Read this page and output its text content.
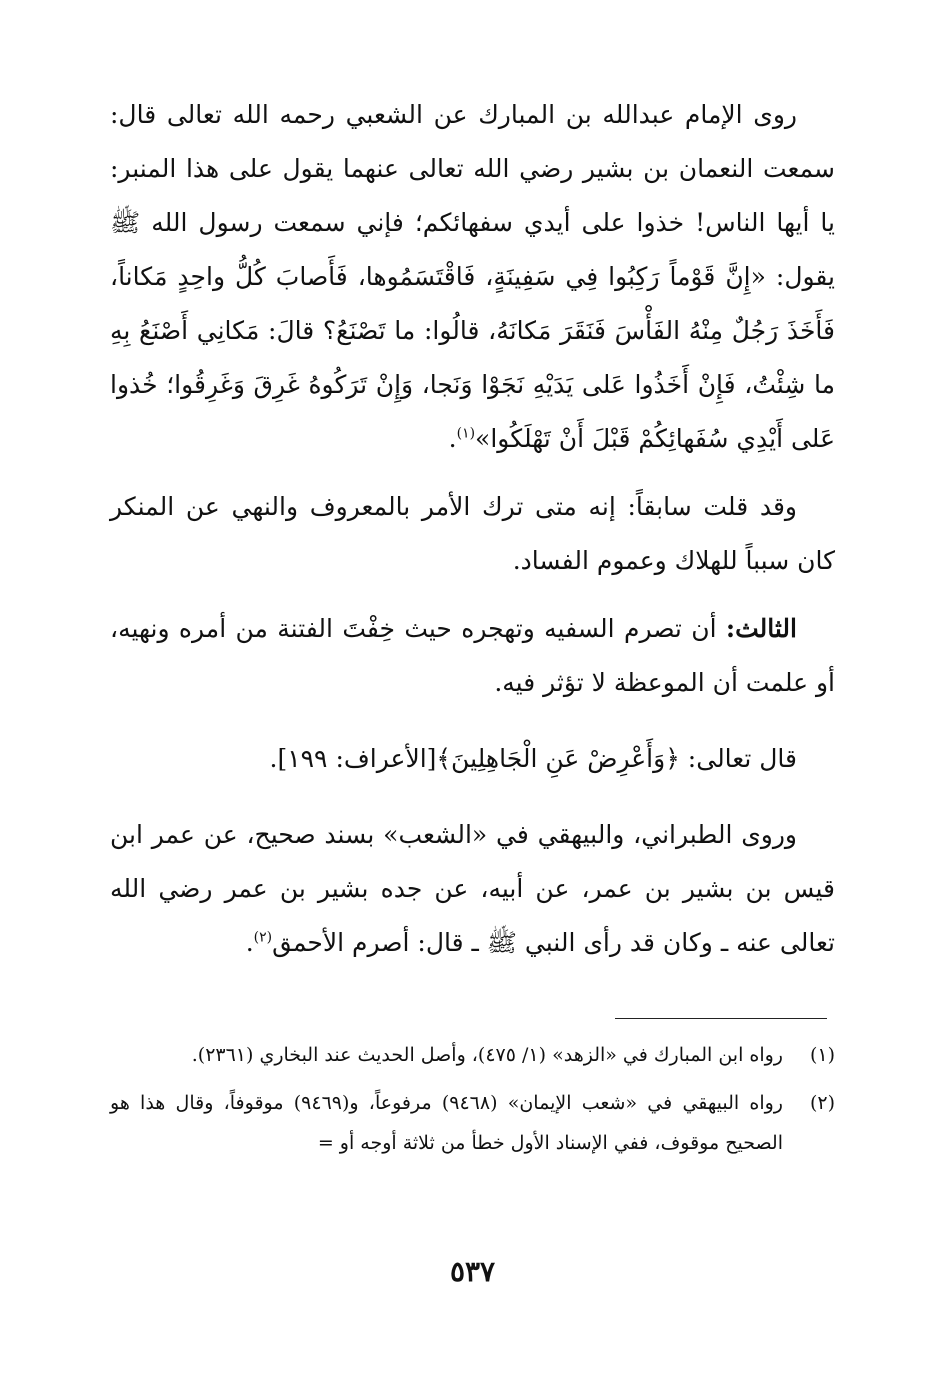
روى الإمام عبدالله بن المبارك عن الشعبي رحمه الله تعالى قال: سمعت النعمان بن بشير رضي الله تعالى عنهما يقول على هذا المنبر: يا أيها الناس! خذوا على أيدي سفهائكم؛ فإني سمعت رسول الله ﷺ يقول: «إِنَّ قَوْماً رَكِبُوا فِي سَفِينَةٍ، فَاقْتَسَمُوها، فَأَصابَ كُلُّ واحِدٍ مَكاناً، فَأَخَذَ رَجُلٌ مِنْهُ الفَأْسَ فَنَقَرَ مَكانَهُ، قالُوا: ما تَصْنَعُ؟ قالَ: مَكانِي أَصْنَعُ بِهِ ما شِئْتُ، فَإِنْ أَخَذُوا عَلى يَدَيْهِ نَجَوْا وَنَجا، وَإِنْ تَرَكُوهُ غَرِقَ وَغَرِقُوا؛ خُذوا عَلى أَيْدِي سُفَهائِكُمْ قَبْلَ أَنْ تَهْلَكُوا»$^{(١)}$.

وقد قلت سابقاً: إنه متى ترك الأمر بالمعروف والنهي عن المنكر كان سبباً للهلاك وعموم الفساد.

الثالث: أن تصرم السفيه وتهجره حيث خِفْتَ الفتنة من أمره ونهيه، أو علمت أن الموعظة لا تؤثر فيه.

قال تعالى: ﴿وَأَعْرِضْ عَنِ الْجَاهِلِينَ﴾[الأعراف: ١٩٩].

وروى الطبراني، والبيهقي في «الشعب» بسند صحيح، عن عمر ابن قيس بن بشير بن عمر، عن أبيه، عن جده بشير بن عمر رضي الله تعالى عنه ـ وكان قد رأى النبي ﷺ ـ قال: أصرم الأحمق$^{(٢)}$.

(١)
رواه ابن المبارك في «الزهد» (١/ ٤٧٥)، وأصل الحديث عند البخاري (٢٣٦١).
(٢)
رواه البيهقي في «شعب الإيمان» (٩٤٦٨) مرفوعاً، و(٩٤٦٩) موقوفاً، وقال هذا هو الصحيح موقوف، ففي الإسناد الأول خطأ من ثلاثة أوجه أو =
٥٣٧
